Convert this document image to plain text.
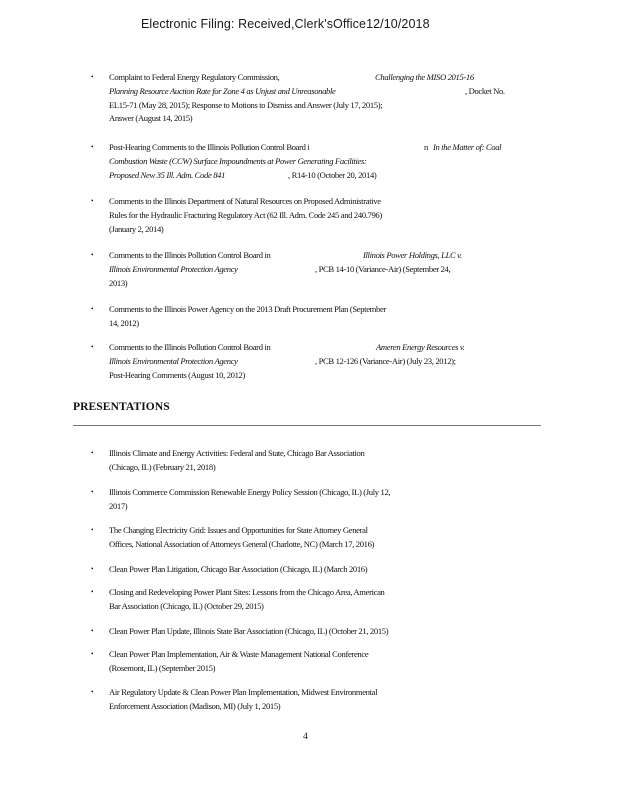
Electronic Filing: Received,Clerk'sOffice12/10/2018
•	Complaint to Federal Energy Regulatory Commission,	Challenging the MISO 2015-16
Planning Resource Auction Rate for Zone 4 as Unjust and Unreasonable	, Docket No.
EL15-71 (May 28, 2015); Response to Motions to Dismiss and Answer (July 17, 2015);
Answer (August 14, 2015)
•	Post-Hearing Comments to the Illinois Pollution Control Board i	n In the Matter of: Coal
Combustion Waste (CCW) Surface Impoundments at Power Generating Facilities:
Proposed New 35 Ill. Adm. Code 841	, R14-10 (October 20, 2014)
•	Comments to the Illinois Department of Natural Resources on Proposed Administrative
Rules for the Hydraulic Fracturing Regulatory Act (62 Ill. Adm. Code 245 and 240.796)
(January 2, 2014)
•	Comments to the Illinois Pollution Control Board in	Illinois Power Holdings, LLC v.
Illinois Environmental Protection Agency	, PCB 14-10 (Variance-Air) (September 24,
2013)
•	Comments to the Illinois Power Agency on the 2013 Draft Procurement Plan (September
14, 2012)
•	Comments to the Illinois Pollution Control Board in	Ameren Energy Resources v.
Illinois Environmental Protection Agency	, PCB 12-126 (Variance-Air) (July 23, 2012);
Post-Hearing Comments (August 10, 2012)
PRESENTATIONS
•	Illinois Climate and Energy Activities: Federal and State, Chicago Bar Association
(Chicago, IL) (February 21, 2018)
•	Illinois Commerce Commission Renewable Energy Policy Session (Chicago, IL) (July 12,
2017)
•	The Changing Electricity Grid: Issues and Opportunities for State Attorney General
Offices, National Association of Attorneys General (Charlotte, NC) (March 17, 2016)
•	Clean Power Plan Litigation, Chicago Bar Association (Chicago, IL) (March 2016)
•	Closing and Redeveloping Power Plant Sites: Lessons from the Chicago Area, American
Bar Association (Chicago, IL) (October 29, 2015)
•	Clean Power Plan Update, Illinois State Bar Association (Chicago, IL) (October 21, 2015)
•	Clean Power Plan Implementation, Air & Waste Management National Conference
(Rosemont, IL) (September 2015)
•	Air Regulatory Update & Clean Power Plan Implementation, Midwest Environmental
Enforcement Association (Madison, MI) (July 1, 2015)
4
